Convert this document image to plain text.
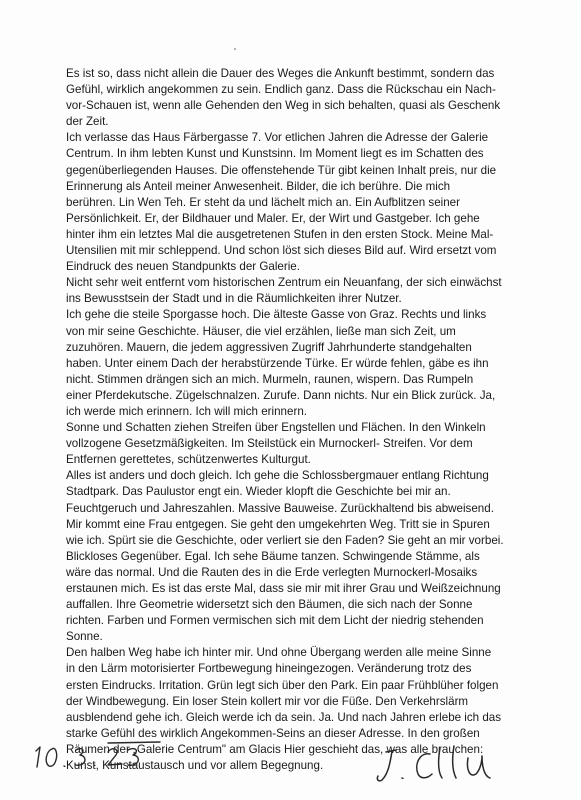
Es ist so, dass nicht allein die Dauer des Weges die Ankunft bestimmt, sondern das
Gefühl, wirklich angekommen zu sein. Endlich ganz. Dass die Rückschau ein Nach-
vor-Schauen ist, wenn alle Gehenden den Weg in sich behalten, quasi als Geschenk
der Zeit.
Ich verlasse das Haus Färbergasse 7. Vor etlichen Jahren die Adresse der Galerie
Centrum. In ihm lebten Kunst und Kunstsinn. Im Moment liegt es im Schatten des
gegenüberliegenden Hauses. Die offenstehende Tür gibt keinen Inhalt preis, nur die
Erinnerung als Anteil meiner Anwesenheit. Bilder, die ich berühre. Die mich
berühren. Lin Wen Teh. Er steht da und lächelt mich an. Ein Aufblitzen seiner
Persönlichkeit. Er, der Bildhauer und Maler. Er, der Wirt und Gastgeber. Ich gehe
hinter ihm ein letztes Mal die ausgetretenen Stufen in den ersten Stock. Meine Mal-
Utensilien mit mir schleppend. Und schon löst sich dieses Bild auf. Wird ersetzt vom
Eindruck des neuen Standpunkts der Galerie.
Nicht sehr weit entfernt vom historischen Zentrum ein Neuanfang, der sich einwächst
ins Bewusstsein der Stadt und in die Räumlichkeiten ihrer Nutzer.
Ich gehe die steile Sporgasse hoch. Die älteste Gasse von Graz. Rechts und links
von mir seine Geschichte. Häuser, die viel erzählen, ließe man sich Zeit, um
zuzuhören. Mauern, die jedem aggressiven Zugriff Jahrhunderte standgehalten
haben. Unter einem Dach der herabstürzende Türke. Er würde fehlen, gäbe es ihn
nicht. Stimmen drängen sich an mich. Murmeln, raunen, wispern. Das Rumpeln
einer Pferdekutsche. Zügelschnalzen. Zurufe. Dann nichts. Nur ein Blick zurück. Ja,
ich werde mich erinnern. Ich will mich erinnern.
Sonne und Schatten ziehen Streifen über Engstellen und Flächen. In den Winkeln
vollzogene Gesetzmäßigkeiten. Im Steilstück ein Murnockerl- Streifen. Vor dem
Entfernen gerettetes, schützenwertes Kulturgut.
Alles ist anders und doch gleich. Ich gehe die Schlossbergmauer entlang Richtung
Stadtpark. Das Paulustor engt ein. Wieder klopft die Geschichte bei mir an.
Feuchtgeruch und Jahreszahlen. Massive Bauweise. Zurückhaltend bis abweisend.
Mir kommt eine Frau entgegen. Sie geht den umgekehrten Weg. Tritt sie in Spuren
wie ich. Spürt sie die Geschichte, oder verliert sie den Faden? Sie geht an mir vorbei.
Blickloses Gegenüber. Egal. Ich sehe Bäume tanzen. Schwingende Stämme, als
wäre das normal. Und die Rauten des in die Erde verlegten Murnockerl-Mosaiks
erstaunen mich. Es ist das erste Mal, dass sie mir mit ihrer Grau und Weißzeichnung
auffallen. Ihre Geometrie widersetzt sich den Bäumen, die sich nach der Sonne
richten. Farben und Formen vermischen sich mit dem Licht der niedrig stehenden
Sonne.
Den halben Weg habe ich hinter mir. Und ohne Übergang werden alle meine Sinne
in den Lärm motorisierter Fortbewegung hineingezogen. Veränderung trotz des
ersten Eindrucks. Irritation. Grün legt sich über den Park. Ein paar Frühblüher folgen
der Windbewegung. Ein loser Stein kollert mir vor die Füße. Den Verkehrslärm
ausblendend gehe ich. Gleich werde ich da sein. Ja. Und nach Jahren erlebe ich das
starke Gefühl des wirklich Angekommen-Seins an dieser Adresse. In den großen
Räumen der „Galerie Centrum" am Glacis Hier geschieht das, was alle brauchen:
Kunst, Kunstaustausch und vor allem Begegnung.
